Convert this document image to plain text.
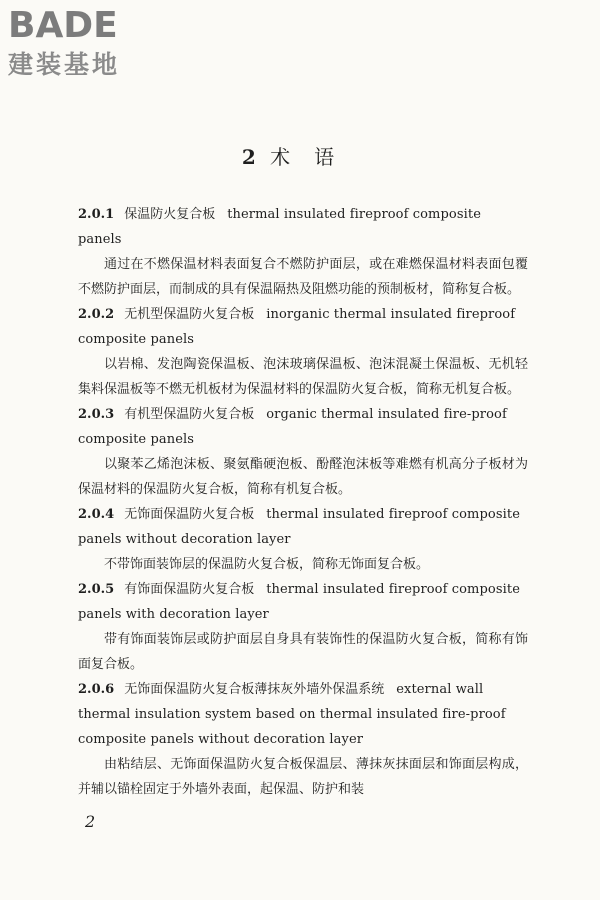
BADE
建装基地
2 术语

2.0.1 保温防火复合板 thermal insulated fireproof composite panels

通过在不燃保温材料表面复合不燃防护面层，或在难燃保温材料表面包覆不燃防护面层，而制成的具有保温隔热及阻燃功能的预制板材，简称复合板。

2.0.2 无机型保温防火复合板 inorganic thermal insulated fireproof composite panels

以岩棉、发泡陶瓷保温板、泡沫玻璃保温板、泡沫混凝土保温板、无机轻集料保温板等不燃无机板材为保温材料的保温防火复合板，简称无机复合板。

2.0.3 有机型保温防火复合板 organic thermal insulated fire-proof composite panels

以聚苯乙烯泡沫板、聚氨酯硬泡板、酚醛泡沫板等难燃有机高分子板材为保温材料的保温防火复合板，简称有机复合板。

2.0.4 无饰面保温防火复合板 thermal insulated fireproof composite panels without decoration layer

不带饰面装饰层的保温防火复合板，简称无饰面复合板。

2.0.5 有饰面保温防火复合板 thermal insulated fireproof composite panels with decoration layer

带有饰面装饰层或防护面层自身具有装饰性的保温防火复合板，简称有饰面复合板。

2.0.6 无饰面保温防火复合板薄抹灰外墙外保温系统 external wall thermal insulation system based on thermal insulated fire-proof composite panels without decoration layer

由粘结层、无饰面保温防火复合板保温层、薄抹灰抹面层和饰面层构成，并辅以锚栓固定于外墙外表面，起保温、防护和装

2
